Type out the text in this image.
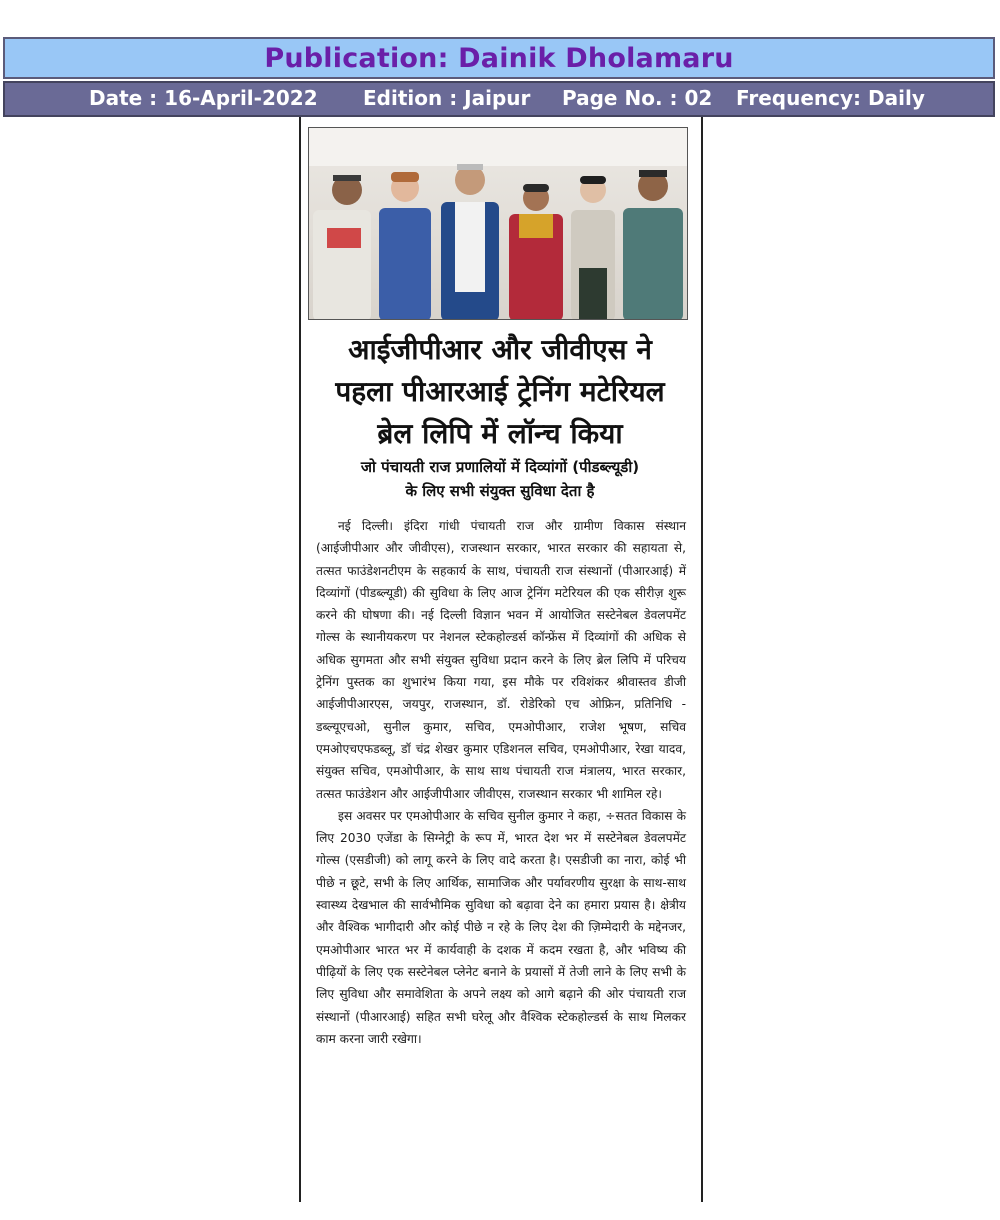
Publication: Dainik Dholamaru
Date : 16-April-2022 Edition : Jaipur Page No. : 02 Frequency: Daily
आईजीपीआर और जीवीएस ने
पहला पीआरआई ट्रेनिंग मटेरियल
ब्रेल लिपि में लॉन्च किया
जो पंचायती राज प्रणालियों में दिव्यांगों (पीडब्ल्यूडी)
के लिए सभी संयुक्त सुविधा देता है

नई दिल्ली। इंदिरा गांधी पंचायती राज और ग्रामीण विकास संस्थान (आईजीपीआर और जीवीएस), राजस्थान सरकार, भारत सरकार की सहायता से, तत्सत फाउंडेशनटीएम के सहकार्य के साथ, पंचायती राज संस्थानों (पीआरआई) में दिव्यांगों (पीडब्ल्यूडी) की सुविधा के लिए आज ट्रेनिंग मटेरियल की एक सीरीज़ शुरू करने की घोषणा की। नई दिल्ली विज्ञान भवन में आयोजित सस्टेनेबल डेवलपमेंट गोल्स के स्थानीयकरण पर नेशनल स्टेकहोल्डर्स कॉन्फ्रेंस में दिव्यांगों की अधिक से अधिक सुगमता और सभी संयुक्त सुविधा प्रदान करने के लिए ब्रेल लिपि में परिचय ट्रेनिंग पुस्तक का शुभारंभ किया गया, इस मौके पर रविशंकर श्रीवास्तव डीजी आईजीपीआरएस, जयपुर, राजस्थान, डॉ. रोडेरिको एच ओफ्रिन, प्रतिनिधि - डब्ल्यूएचओ, सुनील कुमार, सचिव, एमओपीआर, राजेश भूषण, सचिव एमओएचएफडब्लू, डॉ चंद्र शेखर कुमार एडिशनल सचिव, एमओपीआर, रेखा यादव, संयुक्त सचिव, एमओपीआर, के साथ साथ पंचायती राज मंत्रालय, भारत सरकार, तत्सत फाउंडेशन और आईजीपीआर जीवीएस, राजस्थान सरकार भी शामिल रहे।

इस अवसर पर एमओपीआर के सचिव सुनील कुमार ने कहा, ÷सतत विकास के लिए 2030 एजेंडा के सिग्नेट्री के रूप में, भारत देश भर में सस्टेनेबल डेवलपमेंट गोल्स (एसडीजी) को लागू करने के लिए वादे करता है। एसडीजी का नारा, कोई भी पीछे न छूटे, सभी के लिए आर्थिक, सामाजिक और पर्यावरणीय सुरक्षा के साथ-साथ स्वास्थ्य देखभाल की सार्वभौमिक सुविधा को बढ़ावा देने का हमारा प्रयास है। क्षेत्रीय और वैश्विक भागीदारी और कोई पीछे न रहे के लिए देश की ज़िम्मेदारी के मद्देनजर, एमओपीआर भारत भर में कार्यवाही के दशक में कदम रखता है, और भविष्य की पीढ़ियों के लिए एक सस्टेनेबल प्लेनेट बनाने के प्रयासों में तेजी लाने के लिए सभी के लिए सुविधा और समावेशिता के अपने लक्ष्य को आगे बढ़ाने की ओर पंचायती राज संस्थानों (पीआरआई) सहित सभी घरेलू और वैश्विक स्टेकहोल्डर्स के साथ मिलकर काम करना जारी रखेगा।
